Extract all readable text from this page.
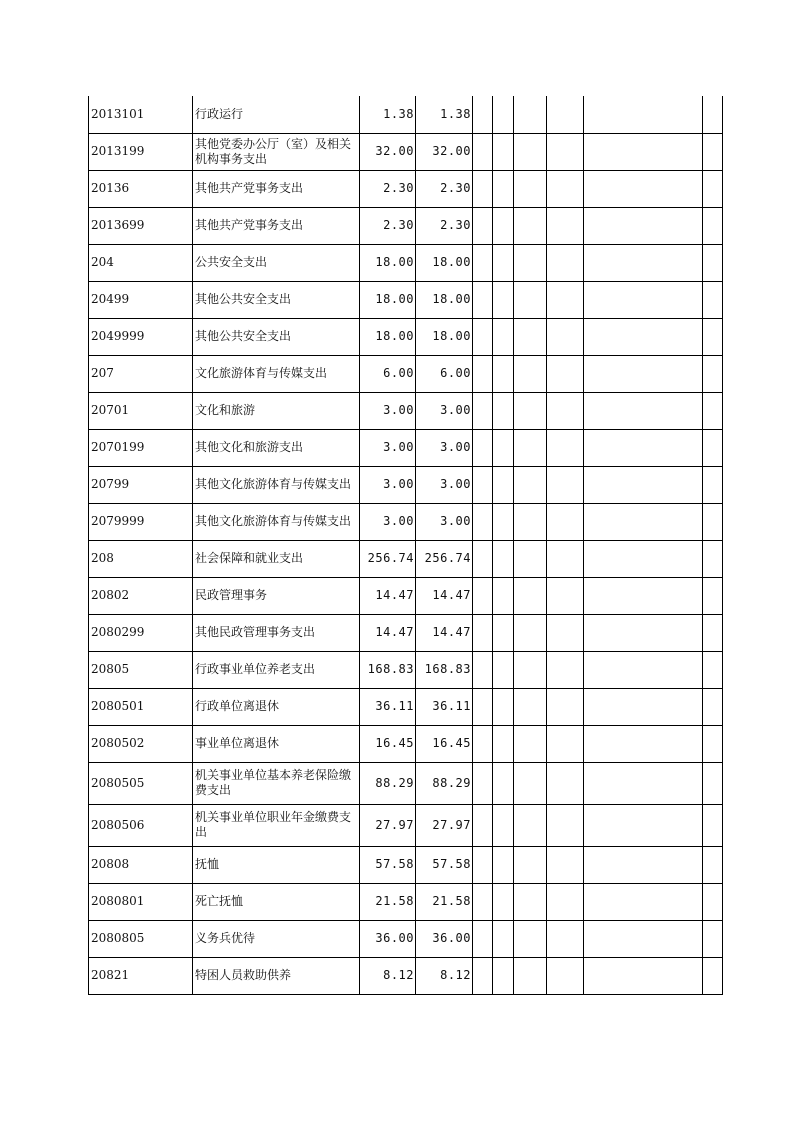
2013101	行政运行	1.38	1.38						
2013199	其他党委办公厅（室）及相关机构事务支出	32.00	32.00						
20136	其他共产党事务支出	2.30	2.30						
2013699	其他共产党事务支出	2.30	2.30						
204	公共安全支出	18.00	18.00						
20499	其他公共安全支出	18.00	18.00						
2049999	其他公共安全支出	18.00	18.00						
207	文化旅游体育与传媒支出	6.00	6.00						
20701	文化和旅游	3.00	3.00						
2070199	其他文化和旅游支出	3.00	3.00						
20799	其他文化旅游体育与传媒支出	3.00	3.00						
2079999	其他文化旅游体育与传媒支出	3.00	3.00						
208	社会保障和就业支出	256.74	256.74						
20802	民政管理事务	14.47	14.47						
2080299	其他民政管理事务支出	14.47	14.47						
20805	行政事业单位养老支出	168.83	168.83						
2080501	行政单位离退休	36.11	36.11						
2080502	事业单位离退休	16.45	16.45						
2080505	机关事业单位基本养老保险缴费支出	88.29	88.29						
2080506	机关事业单位职业年金缴费支出	27.97	27.97						
20808	抚恤	57.58	57.58						
2080801	死亡抚恤	21.58	21.58						
2080805	义务兵优待	36.00	36.00						
20821	特困人员救助供养	8.12	8.12						
